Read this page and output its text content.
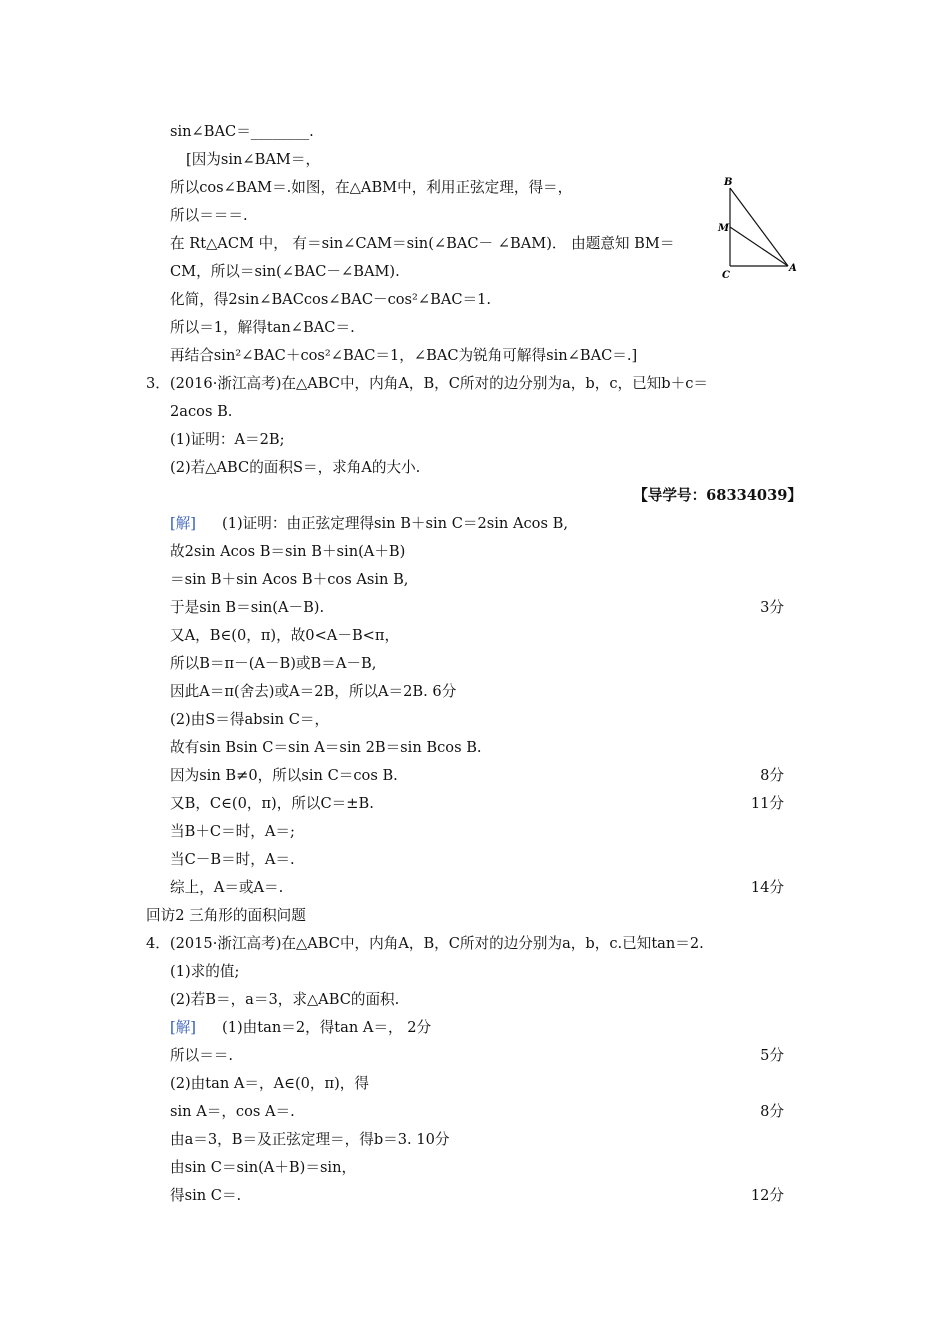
sin∠BAC＝________.
[因为sin∠BAM＝，
所以cos∠BAM＝.如图，在△ABM中，利用正弦定理，得＝，
所以＝＝＝.
在 Rt△ACM 中， 有＝sin∠CAM＝sin(∠BAC－ ∠BAM)． 由题意知 BM＝
CM，所以＝sin(∠BAC－∠BAM).
化简，得2sin∠BACcos∠BAC－cos²∠BAC＝1.
所以＝1，解得tan∠BAC＝.
再结合sin²∠BAC＋cos²∠BAC＝1，∠BAC为锐角可解得sin∠BAC＝.]
B
M
C
A
3．(2016·浙江高考)在△ABC中，内角A，B，C所对的边分别为a，b，c，已知b＋c＝
2acos B.
(1)证明：A＝2B;
(2)若△ABC的面积S＝，求角A的大小.
【导学号：68334039】
[解] (1)证明：由正弦定理得sin B＋sin C＝2sin Acos B,
故2sin Acos B＝sin B＋sin(A＋B)
＝sin B＋sin Acos B＋cos Asin B,
于是sin B＝sin(A－B).	3分
又A，B∈(0，π)，故0<A－B<π，
所以B＝π－(A－B)或B＝A－B,
因此A＝π(舍去)或A＝2B，所以A＝2B. 6分
(2)由S＝得absin C＝，
故有sin Bsin C＝sin A＝sin 2B＝sin Bcos B.
因为sin B≠0，所以sin C＝cos B.	8分
又B，C∈(0，π)，所以C＝±B.	11分
当B＋C＝时，A＝;
当C－B＝时，A＝.
综上，A＝或A＝.	14分
回访2 三角形的面积问题
4．(2015·浙江高考)在△ABC中，内角A，B，C所对的边分别为a，b，c.已知tan＝2.
(1)求的值;
(2)若B＝，a＝3，求△ABC的面积.
[解] (1)由tan＝2，得tan A＝， 2分
所以＝＝.	5分
(2)由tan A＝，A∈(0，π)，得
sin A＝，cos A＝.	8分
由a＝3，B＝及正弦定理＝，得b＝3. 10分
由sin C＝sin(A＋B)＝sin，
得sin C＝.	12分
